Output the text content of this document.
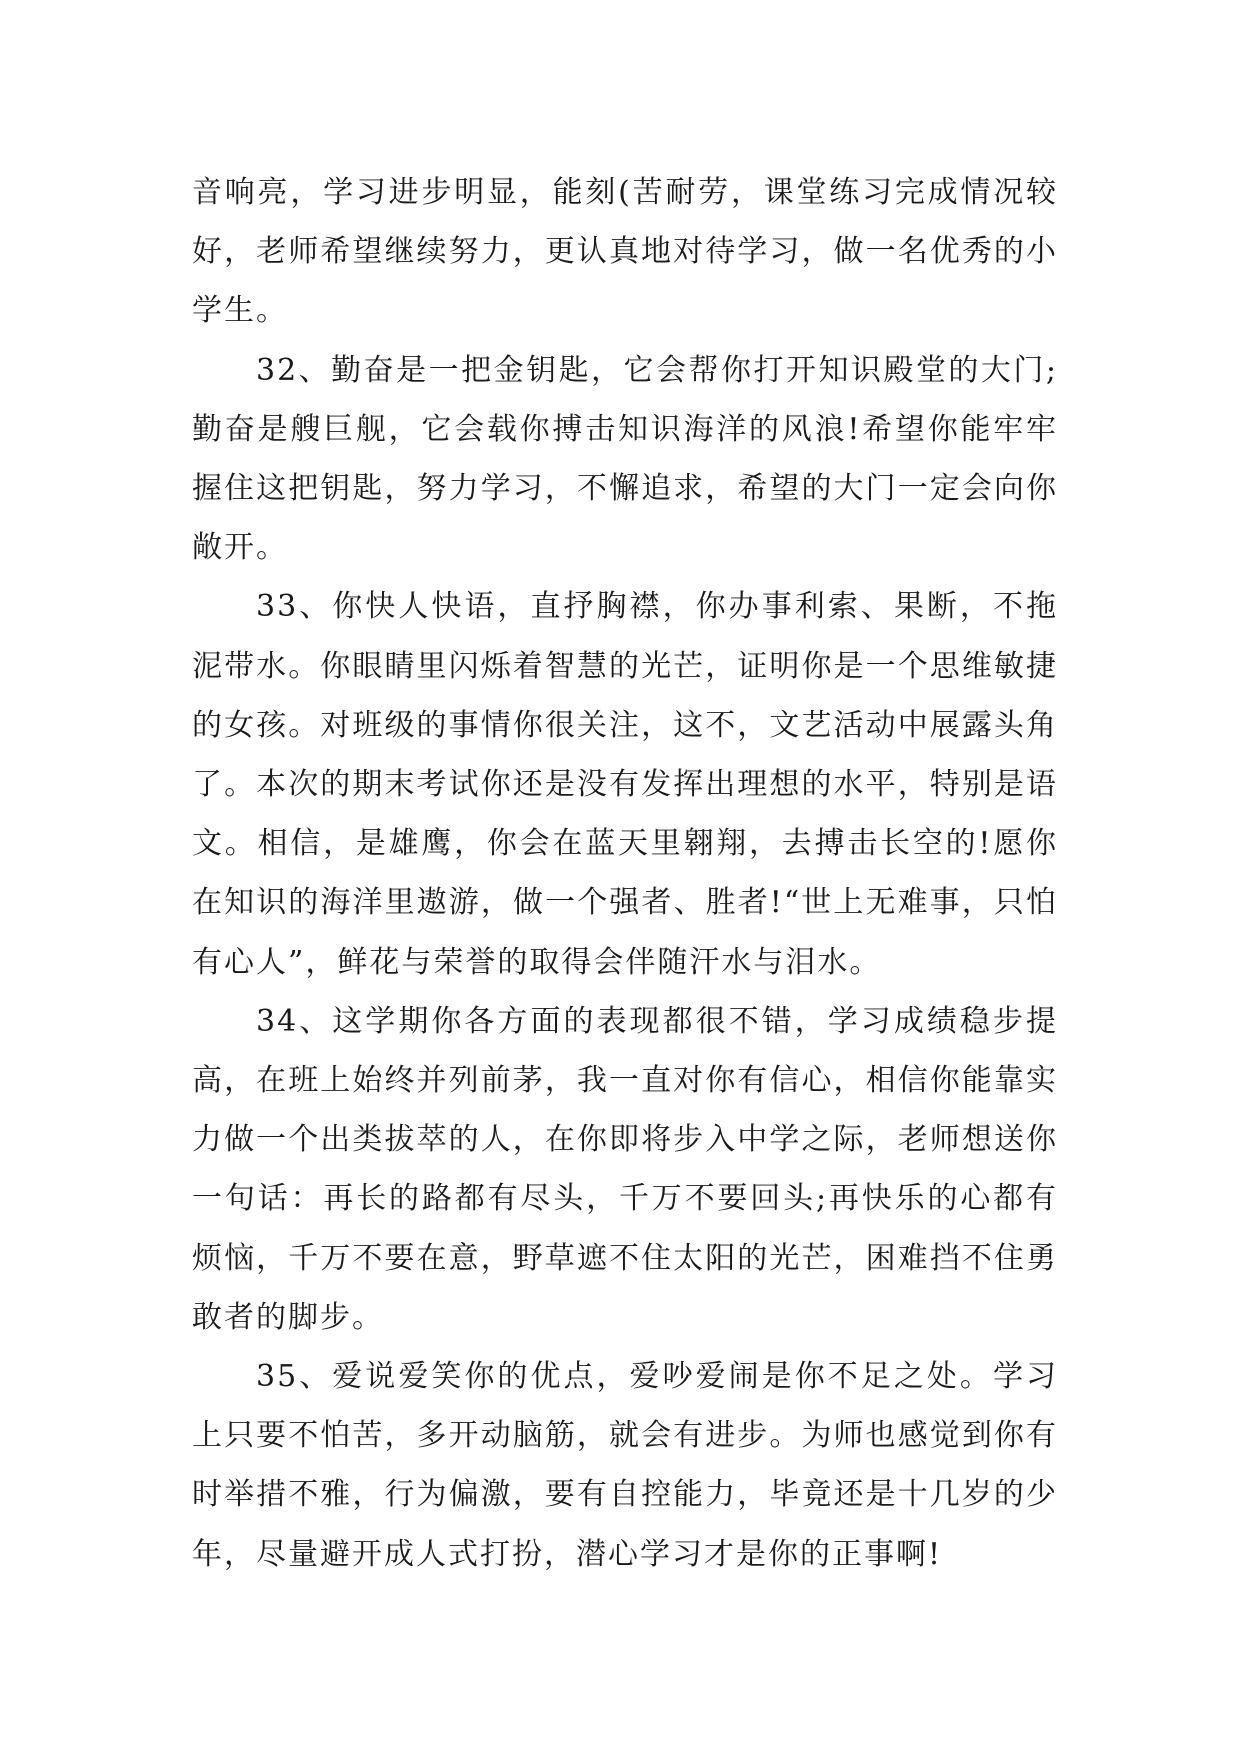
音响亮，学习进步明显，能刻(苦耐劳，课堂练习完成情况较好，老师希望继续努力，更认真地对待学习，做一名优秀的小学生。

32、勤奋是一把金钥匙，它会帮你打开知识殿堂的大门;勤奋是艘巨舰，它会载你搏击知识海洋的风浪!希望你能牢牢握住这把钥匙，努力学习，不懈追求，希望的大门一定会向你敞开。

33、你快人快语，直抒胸襟，你办事利索、果断，不拖泥带水。你眼睛里闪烁着智慧的光芒，证明你是一个思维敏捷的女孩。对班级的事情你很关注，这不，文艺活动中展露头角了。本次的期末考试你还是没有发挥出理想的水平，特别是语文。相信，是雄鹰，你会在蓝天里翱翔，去搏击长空的!愿你在知识的海洋里遨游，做一个强者、胜者!“世上无难事，只怕有心人”，鲜花与荣誉的取得会伴随汗水与泪水。

34、这学期你各方面的表现都很不错，学习成绩稳步提高，在班上始终并列前茅，我一直对你有信心，相信你能靠实力做一个出类拔萃的人，在你即将步入中学之际，老师想送你一句话：再长的路都有尽头，千万不要回头;再快乐的心都有烦恼，千万不要在意，野草遮不住太阳的光芒，困难挡不住勇敢者的脚步。

35、爱说爱笑你的优点，爱吵爱闹是你不足之处。学习上只要不怕苦，多开动脑筋，就会有进步。为师也感觉到你有时举措不雅，行为偏激，要有自控能力，毕竟还是十几岁的少年，尽量避开成人式打扮，潜心学习才是你的正事啊!
